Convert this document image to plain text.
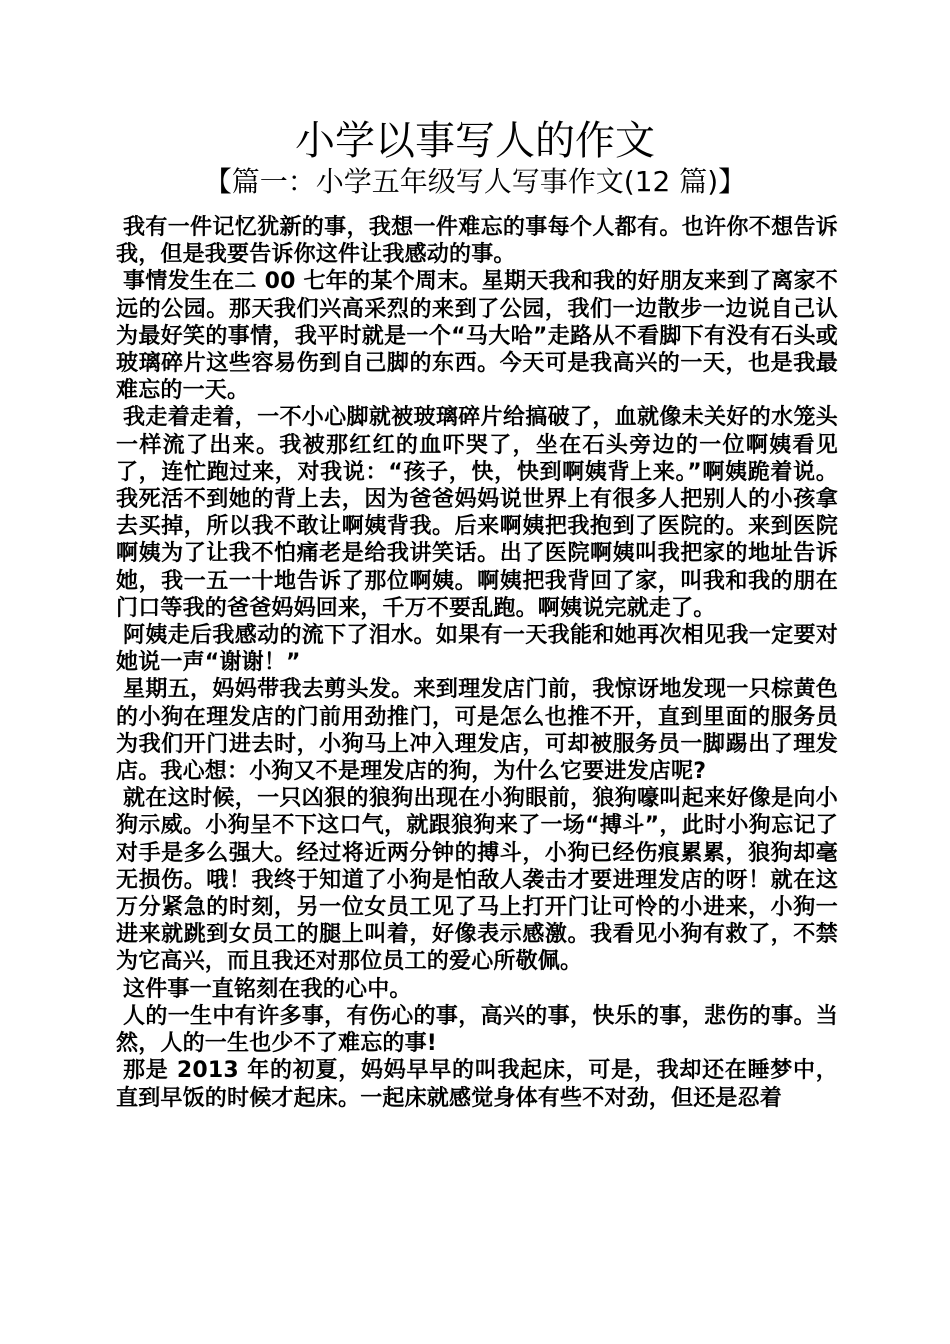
小学以事写人的作文
【篇一：小学五年级写人写事作文(12 篇)】

我有一件记忆犹新的事，我想一件难忘的事每个人都有。也许你不想告诉我，但是我要告诉你这件让我感动的事。

事情发生在二 00 七年的某个周末。星期天我和我的好朋友来到了离家不远的公园。那天我们兴高采烈的来到了公园，我们一边散步一边说自己认为最好笑的事情，我平时就是一个“马大哈”走路从不看脚下有没有石头或玻璃碎片这些容易伤到自己脚的东西。今天可是我高兴的一天，也是我最难忘的一天。

我走着走着，一不小心脚就被玻璃碎片给搞破了，血就像未关好的水笼头一样流了出来。我被那红红的血吓哭了，坐在石头旁边的一位啊姨看见了，连忙跑过来，对我说：“孩子，快，快到啊姨背上来。”啊姨跪着说。我死活不到她的背上去，因为爸爸妈妈说世界上有很多人把别人的小孩拿去买掉，所以我不敢让啊姨背我。后来啊姨把我抱到了医院的。来到医院啊姨为了让我不怕痛老是给我讲笑话。出了医院啊姨叫我把家的地址告诉她，我一五一十地告诉了那位啊姨。啊姨把我背回了家，叫我和我的朋在门口等我的爸爸妈妈回来，千万不要乱跑。啊姨说完就走了。

阿姨走后我感动的流下了泪水。如果有一天我能和她再次相见我一定要对她说一声“谢谢！”

星期五，妈妈带我去剪头发。来到理发店门前，我惊讶地发现一只棕黄色的小狗在理发店的门前用劲推门，可是怎么也推不开，直到里面的服务员为我们开门进去时，小狗马上冲入理发店，可却被服务员一脚踢出了理发店。我心想：小狗又不是理发店的狗，为什么它要进发店呢?

就在这时候，一只凶狠的狼狗出现在小狗眼前，狼狗嚎叫起来好像是向小狗示威。小狗呈不下这口气，就跟狼狗来了一场“搏斗”，此时小狗忘记了对手是多么强大。经过将近两分钟的搏斗，小狗已经伤痕累累，狼狗却毫无损伤。哦！我终于知道了小狗是怕敌人袭击才要进理发店的呀！就在这万分紧急的时刻，另一位女员工见了马上打开门让可怜的小进来，小狗一进来就跳到女员工的腿上叫着，好像表示感激。我看见小狗有救了，不禁为它高兴，而且我还对那位员工的爱心所敬佩。

这件事一直铭刻在我的心中。

人的一生中有许多事，有伤心的事，高兴的事，快乐的事，悲伤的事。当然，人的一生也少不了难忘的事!

那是 2013 年的初夏，妈妈早早的叫我起床，可是，我却还在睡梦中，直到早饭的时候才起床。一起床就感觉身体有些不对劲，但还是忍着
